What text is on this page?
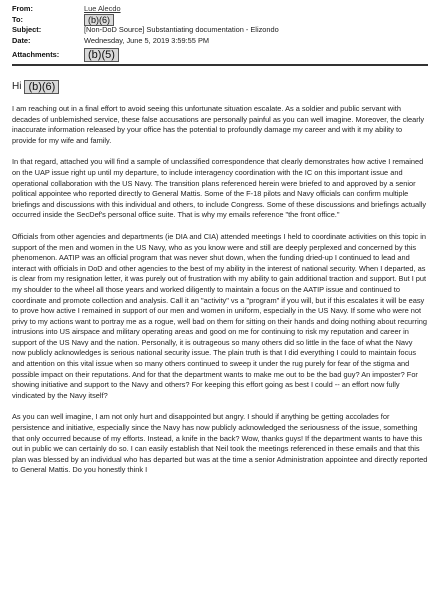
From:	Lue Alecdo
To:	(b)(6)
Subject:	[Non-DoD Source] Substantiating documentation - Elizondo
Date:	Wednesday, June 5, 2019 3:59:55 PM
Attachments:	(b)(5)
Hi (b)(6)

I am reaching out in a final effort to avoid seeing this unfortunate situation escalate. As a soldier and public servant with decades of unblemished service, these false accusations are personally painful as you can well imagine. Moreover, the clearly inaccurate information released by your office has the potential to profoundly damage my career and with it my ability to provide for my wife and family.

In that regard, attached you will find a sample of unclassified correspondence that clearly demonstrates how active I remained on the UAP issue right up until my departure, to include interagency coordination with the IC on this important issue and operational collaboration with the US Navy. The transition plans referenced herein were briefed to and approved by a senior political appointee who reported directly to General Mattis. Some of the F-18 pilots and Navy officials can confirm multiple briefings and discussions with this individual and others, to include Congress. Some of these discussions and briefings actually occurred inside the SecDef's personal office suite. That is why my emails reference "the front office."

Officials from other agencies and departments (ie DIA and CIA) attended meetings I held to coordinate activities on this topic in support of the men and women in the US Navy, who as you know were and still are deeply perplexed and concerned by this phenomenon. AATIP was an official program that was never shut down, when the funding dried-up I continued to lead and interact with officials in DoD and other agencies to the best of my ability in the interest of national security. When I departed, as is clear from my resignation letter, it was purely out of frustration with my ability to gain additional traction and support. But I put my shoulder to the wheel all those years and worked diligently to maintain a focus on the AATIP issue and continued to coordinate and promote collection and analysis. Call it an "activity" vs a "program" if you will, but if this escalates it will be easy to prove how active I remained in support of our men and women in uniform, especially in the US Navy. If some who were not privy to my actions want to portray me as a rogue, well bad on them for sitting on their hands and doing nothing about recurring intrusions into US airspace and military operating areas and good on me for continuing to risk my reputation and career in support of the US Navy and the nation. Personally, it is outrageous so many others did so little in the face of what the Navy now publicly acknowledges is serious national security issue. The plain truth is that I did everything I could to maintain focus and attention on this vital issue when so many others continued to sweep it under the rug purely for fear of the stigma and possible impact on their reputations. And for that the department wants to make me out to be the bad guy? An imposter? For showing initiative and support to the Navy and others? For keeping this effort going as best I could -- an effort now fully vindicated by the Navy itself?

As you can well imagine, I am not only hurt and disappointed but angry. I should if anything be getting accolades for persistence and initiative, especially since the Navy has now publicly acknowledged the seriousness of the issue, something that only occurred because of my efforts. Instead, a knife in the back? Wow, thanks guys! If the department wants to have this out in public we can certainly do so. I can easily establish that Neil took the meetings referenced in these emails and that this plan was blessed by an individual who has departed but was at the time a senior Administration appointee and directly reported to General Mattis. Do you honestly think I
